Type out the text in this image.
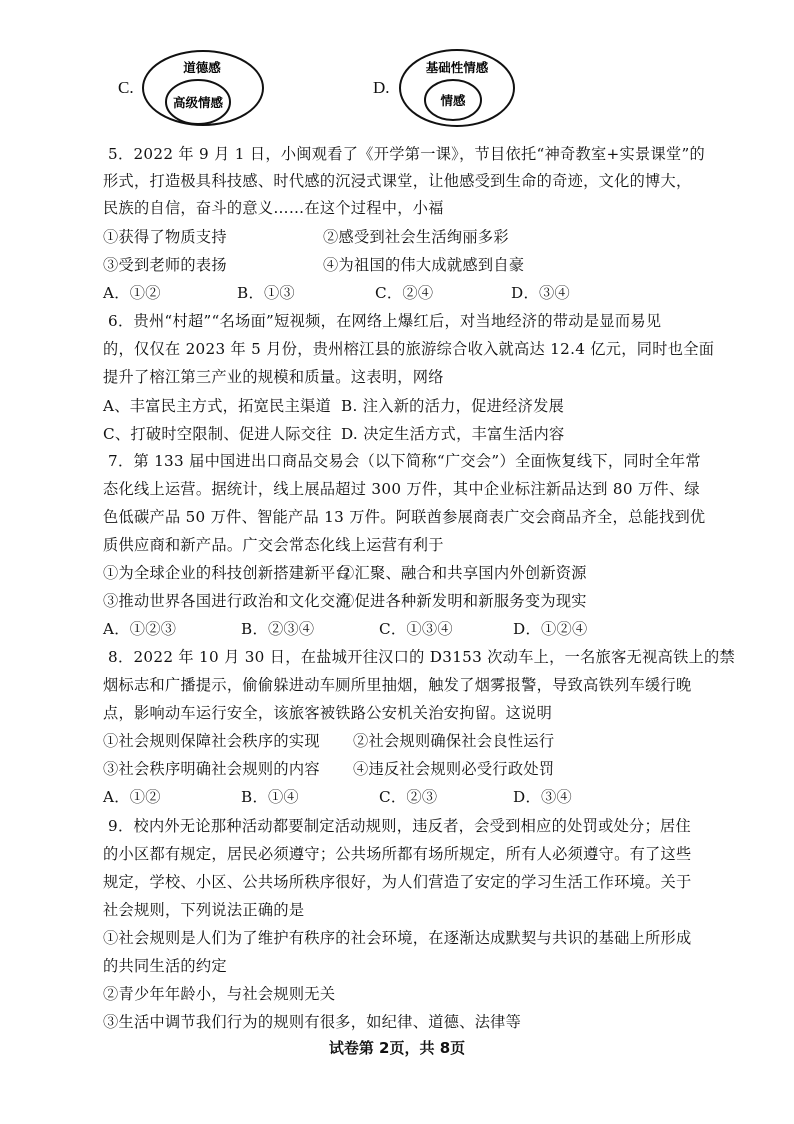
C.
道德感
高级情感
D.
基础性情感
情感
5．2022 年 9 月 1 日，小闽观看了《开学第一课》，节目依托“神奇教室+实景课堂”的
形式，打造极具科技感、时代感的沉浸式课堂，让他感受到生命的奇迹，文化的博大，
民族的自信，奋斗的意义……在这个过程中，小福
①获得了物质支持	②感受到社会生活绚丽多彩
③受到老师的表扬	④为祖国的伟大成就感到自豪
A．①②	B．①③	C．②④	D．③④
6．贵州“村超”“名场面”短视频，在网络上爆红后，对当地经济的带动是显而易见
的，仅仅在 2023 年 5 月份，贵州榕江县的旅游综合收入就高达 12.4 亿元，同时也全面
提升了榕江第三产业的规模和质量。这表明，网络
A、丰富民主方式，拓宽民主渠道 B. 注入新的活力，促进经济发展
C、打破时空限制、促进人际交往 D. 决定生活方式，丰富生活内容
7．第 133 届中国进出口商品交易会（以下简称“广交会”）全面恢复线下，同时全年常
态化线上运营。据统计，线上展品超过 300 万件，其中企业标注新品达到 80 万件、绿
色低碳产品 50 万件、智能产品 13 万件。阿联酋参展商表广交会商品齐全，总能找到优
质供应商和新产品。广交会常态化线上运营有利于
①为全球企业的科技创新搭建新平台
②汇聚、融合和共享国内外创新资源
③推动世界各国进行政治和文化交流
④促进各种新发明和新服务变为现实
A．①②③	B．②③④	C．①③④	D．①②④
8．2022 年 10 月 30 日，在盐城开往汉口的 D3153 次动车上，一名旅客无视高铁上的禁
烟标志和广播提示，偷偷躲进动车厕所里抽烟，触发了烟雾报警，导致高铁列车缓行晚
点，影响动车运行安全，该旅客被铁路公安机关治安拘留。这说明
①社会规则保障社会秩序的实现 ②社会规则确保社会良性运行
③社会秩序明确社会规则的内容 ④违反社会规则必受行政处罚
A．①②	B．①④	C．②③	D．③④
9．校内外无论那种活动都要制定活动规则，违反者，会受到相应的处罚或处分；居住
的小区都有规定，居民必须遵守；公共场所都有场所规定，所有人必须遵守。有了这些
规定，学校、小区、公共场所秩序很好，为人们营造了安定的学习生活工作环境。关于
社会规则，下列说法正确的是
①社会规则是人们为了维护有秩序的社会环境，在逐渐达成默契与共识的基础上所形成
的共同生活的约定
②青少年年龄小，与社会规则无关
③生活中调节我们行为的规则有很多，如纪律、道德、法律等
试卷第 2页，共 8页
